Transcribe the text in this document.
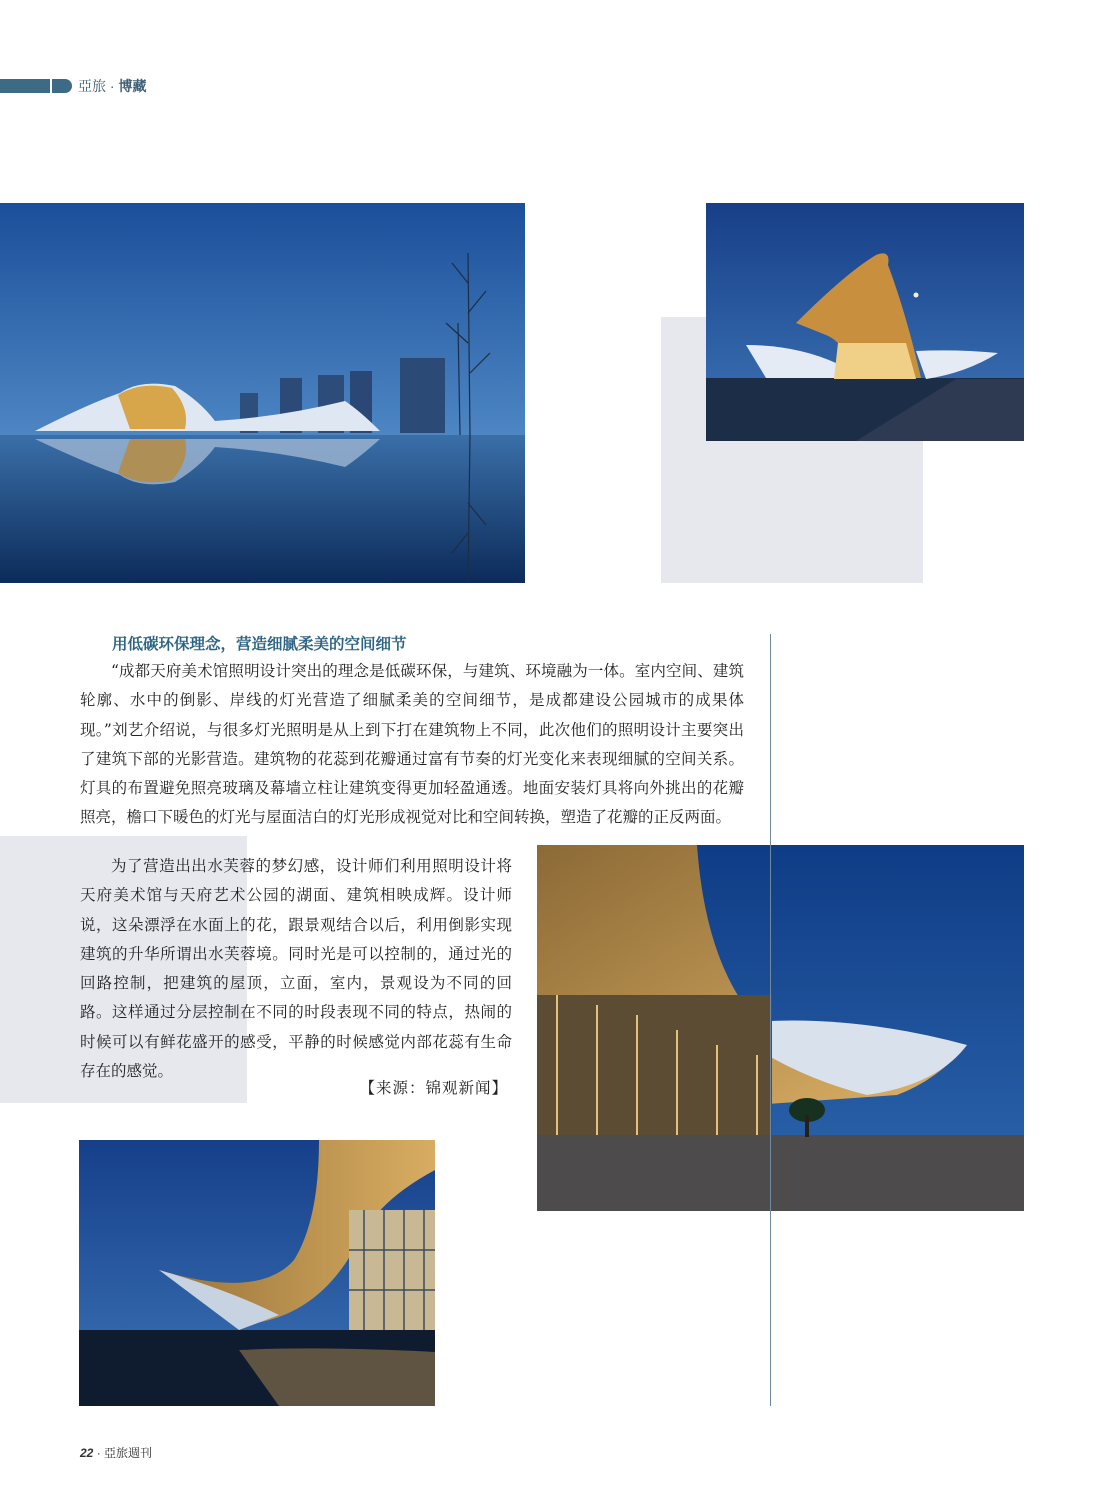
亞旅 · 博藏
用低碳环保理念，营造细腻柔美的空间细节

“成都天府美术馆照明设计突出的理念是低碳环保，与建筑、环境融为一体。室内空间、建筑轮廓、水中的倒影、岸线的灯光营造了细腻柔美的空间细节，是成都建设公园城市的成果体现。”刘艺介绍说，与很多灯光照明是从上到下打在建筑物上不同，此次他们的照明设计主要突出了建筑下部的光影营造。建筑物的花蕊到花瓣通过富有节奏的灯光变化来表现细腻的空间关系。灯具的布置避免照亮玻璃及幕墙立柱让建筑变得更加轻盈通透。地面安装灯具将向外挑出的花瓣照亮，檐口下暖色的灯光与屋面洁白的灯光形成视觉对比和空间转换，塑造了花瓣的正反两面。

为了营造出出水芙蓉的梦幻感，设计师们利用照明设计将天府美术馆与天府艺术公园的湖面、建筑相映成辉。设计师说，这朵漂浮在水面上的花，跟景观结合以后，利用倒影实现建筑的升华所谓出水芙蓉境。同时光是可以控制的，通过光的回路控制，把建筑的屋顶，立面，室内，景观设为不同的回路。这样通过分层控制在不同的时段表现不同的特点，热闹的时候可以有鲜花盛开的感受，平静的时候感觉内部花蕊有生命存在的感觉。

【来源：锦观新闻】
22 · 亞旅週刊
